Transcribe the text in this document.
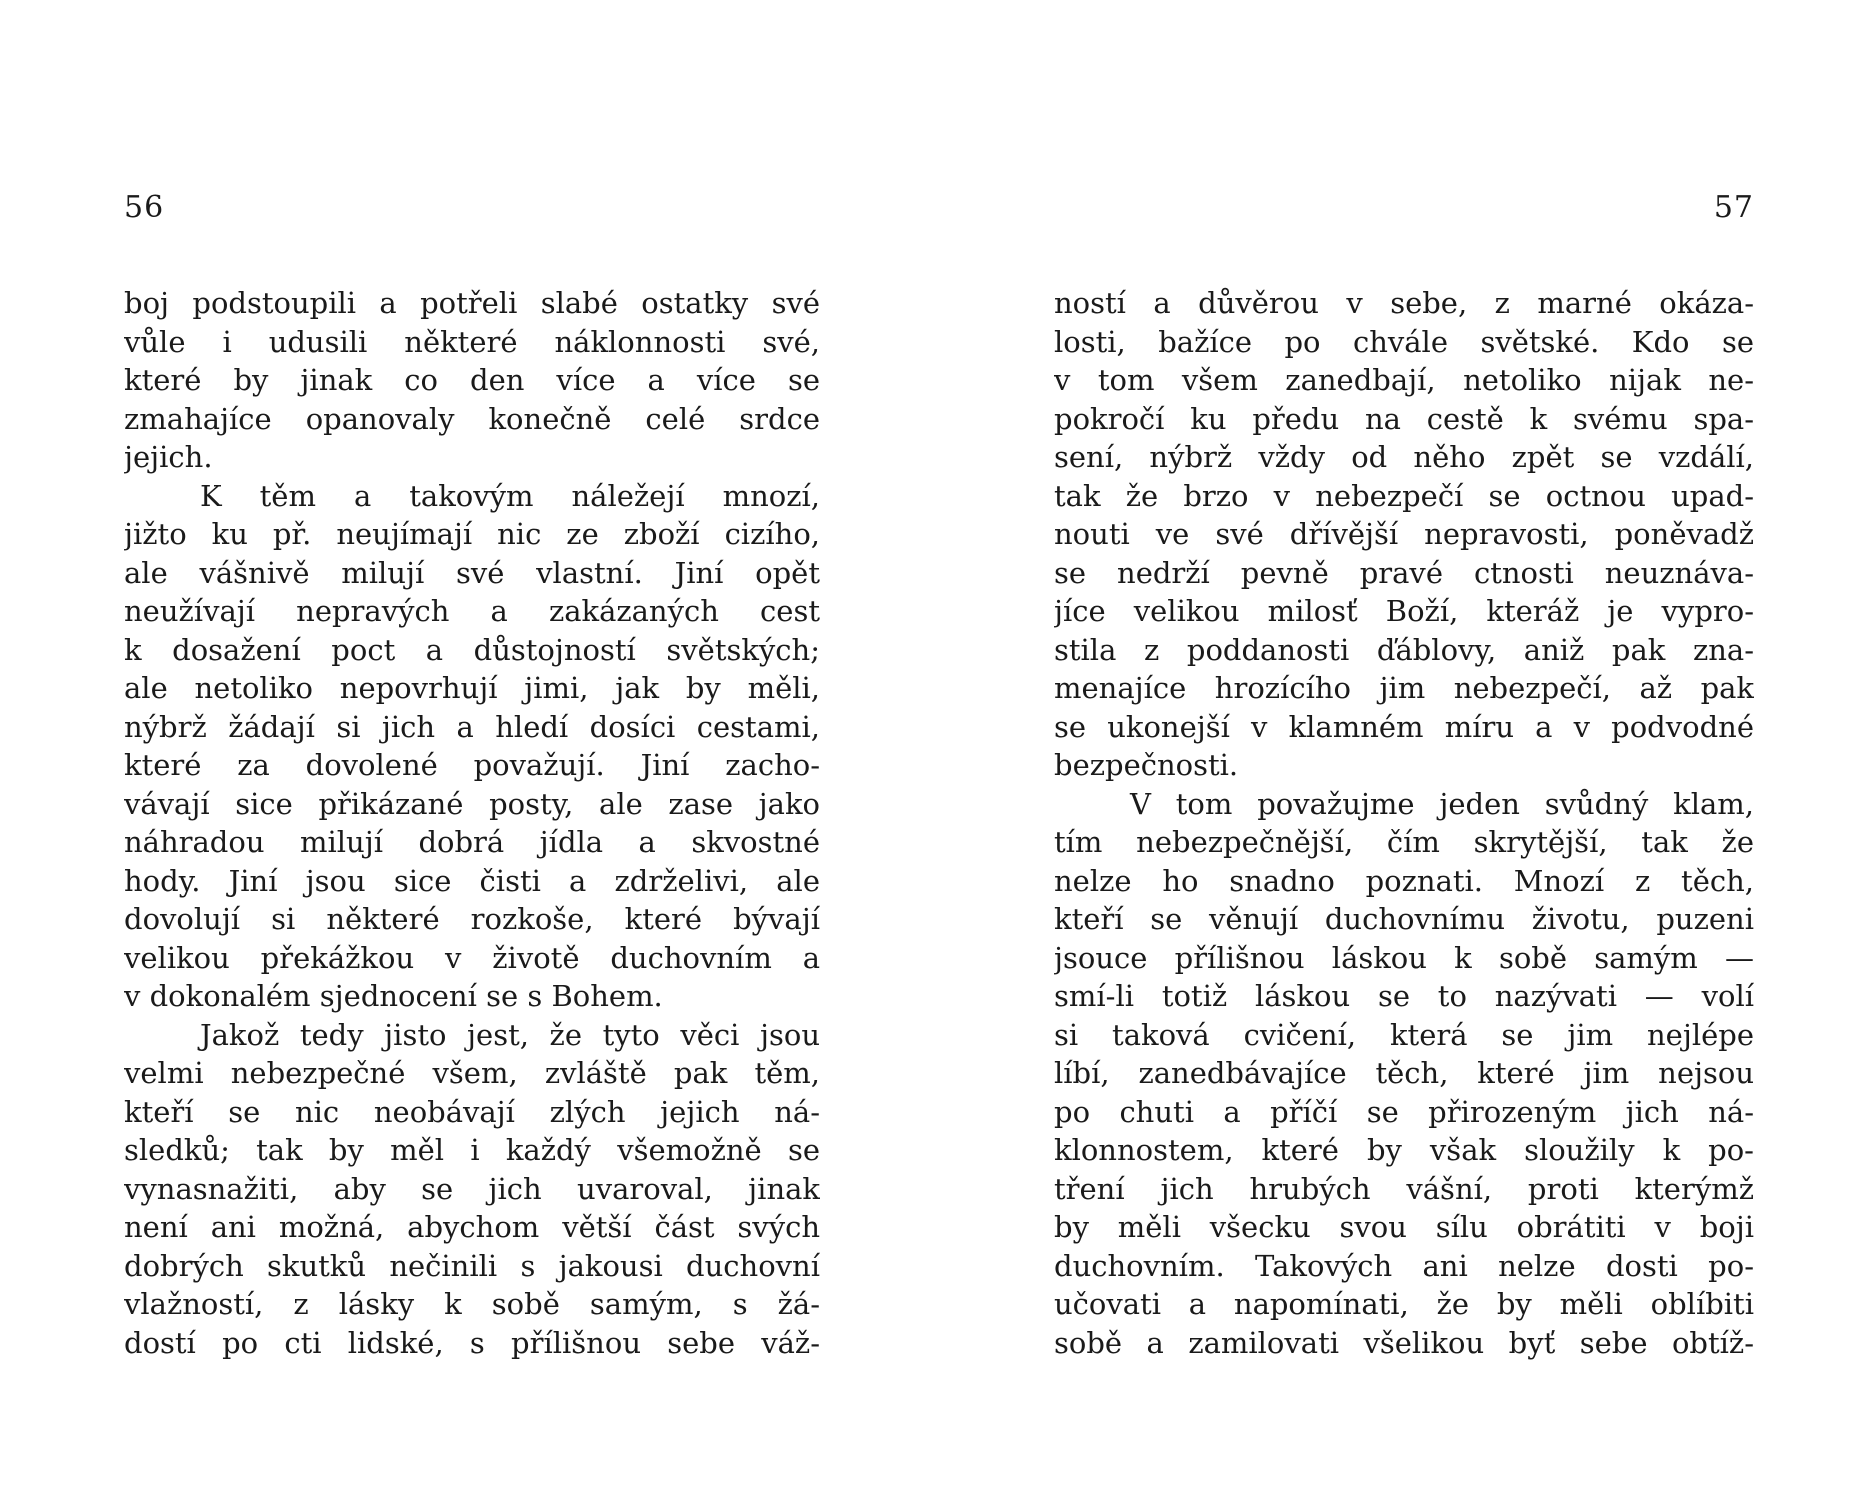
56
boj podstoupili a potřeli slabé ostatky své
vůle i udusili některé náklonnosti své,
které by jinak co den více a více se
zmahajíce opanovaly konečně celé srdce
jejich.
K těm a takovým náležejí mnozí,
jižto ku př. neujímají nic ze zboží cizího,
ale vášnivě milují své vlastní. Jiní opět
neužívají nepravých a zakázaných cest
k dosažení poct a důstojností světských;
ale netoliko nepovrhují jimi, jak by měli,
nýbrž žádají si jich a hledí dosíci cestami,
které za dovolené považují. Jiní zacho-
vávají sice přikázané posty, ale zase jako
náhradou milují dobrá jídla a skvostné
hody. Jiní jsou sice čisti a zdrželivi, ale
dovolují si některé rozkoše, které bývají
velikou překážkou v životě duchovním a
v dokonalém sjednocení se s Bohem.
Jakož tedy jisto jest, že tyto věci jsou
velmi nebezpečné všem, zvláště pak těm,
kteří se nic neobávají zlých jejich ná-
sledků; tak by měl i každý všemožně se
vynasnažiti, aby se jich uvaroval, jinak
není ani možná, abychom větší část svých
dobrých skutků nečinili s jakousi duchovní
vlažností, z lásky k sobě samým, s žá-
dostí po cti lidské, s přílišnou sebe váž-
57
ností a důvěrou v sebe, z marné okáza-
losti, bažíce po chvále světské. Kdo se
v tom všem zanedbají, netoliko nijak ne-
pokročí ku předu na cestě k svému spa-
sení, nýbrž vždy od něho zpět se vzdálí,
tak že brzo v nebezpečí se octnou upad-
nouti ve své dřívější nepravosti, poněvadž
se nedrží pevně pravé ctnosti neuznáva-
jíce velikou milosť Boží, kteráž je vypro-
stila z poddanosti ďáblovy, aniž pak zna-
menajíce hrozícího jim nebezpečí, až pak
se ukonejší v klamném míru a v podvodné
bezpečnosti.
V tom považujme jeden svůdný klam,
tím nebezpečnější, čím skrytější, tak že
nelze ho snadno poznati. Mnozí z těch,
kteří se věnují duchovnímu životu, puzeni
jsouce přílišnou láskou k sobě samým —
smí-li totiž láskou se to nazývati — volí
si taková cvičení, která se jim nejlépe
líbí, zanedbávajíce těch, které jim nejsou
po chuti a příčí se přirozeným jich ná-
klonnostem, které by však sloužily k po-
tření jich hrubých vášní, proti kterýmž
by měli všecku svou sílu obrátiti v boji
duchovním. Takových ani nelze dosti po-
učovati a napomínati, že by měli oblíbiti
sobě a zamilovati všelikou byť sebe obtíž-
